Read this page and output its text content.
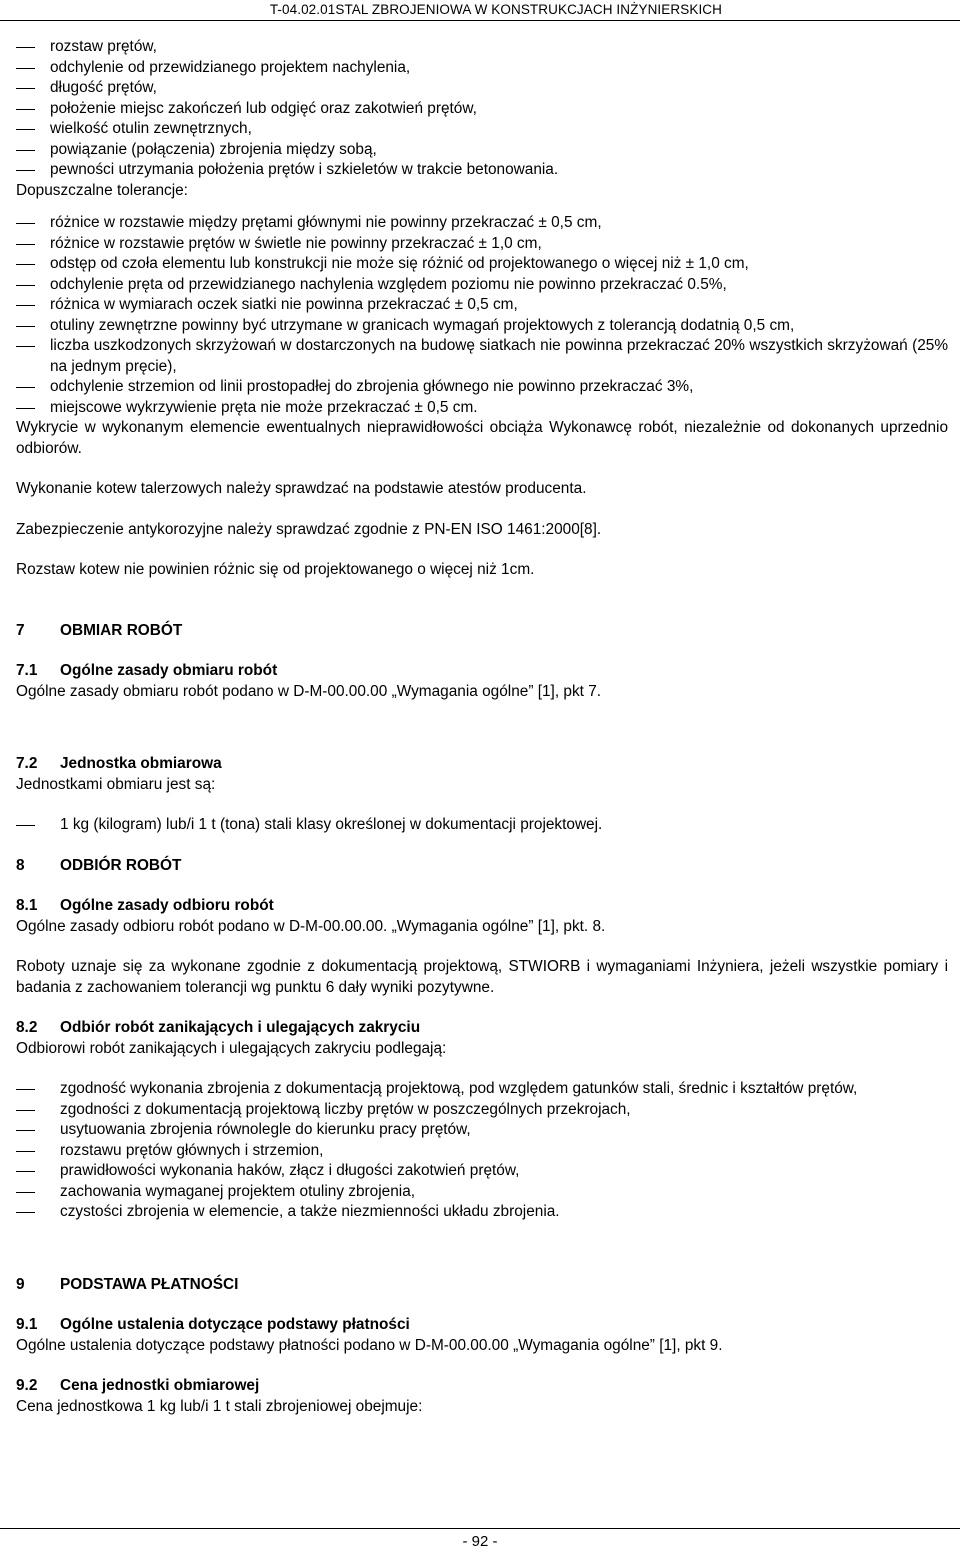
T-04.02.01STAL ZBROJENIOWA W KONSTRUKCJACH INŻYNIERSKICH
rozstaw prętów,
odchylenie od przewidzianego projektem nachylenia,
długość prętów,
położenie miejsc zakończeń lub odgięć oraz zakotwień prętów,
wielkość otulin zewnętrznych,
powiązanie (połączenia) zbrojenia między sobą,
pewności utrzymania położenia prętów i szkieletów w trakcie betonowania.

Dopuszczalne tolerancje:

różnice w rozstawie między prętami głównymi nie powinny przekraczać ± 0,5 cm,
różnice w rozstawie prętów w świetle nie powinny przekraczać ± 1,0 cm,
odstęp od czoła elementu lub konstrukcji nie może się różnić od projektowanego o więcej niż ± 1,0 cm,
odchylenie pręta od przewidzianego nachylenia względem poziomu nie powinno przekraczać 0.5%,
różnica w wymiarach oczek siatki nie powinna przekraczać ± 0,5 cm,
otuliny zewnętrzne powinny być utrzymane w granicach wymagań projektowych z tolerancją dodatnią 0,5 cm,
liczba uszkodzonych skrzyżowań w dostarczonych na budowę siatkach nie powinna przekraczać 20% wszystkich skrzyżowań (25% na jednym pręcie),
odchylenie strzemion od linii prostopadłej do zbrojenia głównego nie powinno przekraczać 3%,
miejscowe wykrzywienie pręta nie może przekraczać ± 0,5 cm.

Wykrycie w wykonanym elemencie ewentualnych nieprawidłowości obciąża Wykonawcę robót, niezależnie od dokonanych uprzednio odbiorów.

Wykonanie kotew talerzowych należy sprawdzać na podstawie atestów producenta.

Zabezpieczenie antykorozyjne należy sprawdzać zgodnie z PN-EN ISO 1461:2000[8].

Rozstaw kotew nie powinien różnic się od projektowanego o więcej niż 1cm.

7	OBMIAR ROBÓT
7.1	Ogólne zasady obmiaru robót

Ogólne zasady obmiaru robót podano w D-M-00.00.00 „Wymagania ogólne” [1], pkt 7.

7.2	Jednostka obmiarowa

Jednostkami obmiaru jest są:

1 kg (kilogram) lub/i 1 t (tona) stali klasy określonej w dokumentacji projektowej.
8	ODBIÓR ROBÓT
8.1	Ogólne zasady odbioru robót

Ogólne zasady odbioru robót podano w D-M-00.00.00. „Wymagania ogólne” [1], pkt. 8.

Roboty uznaje się za wykonane zgodnie z dokumentacją projektową, STWIORB i wymaganiami Inżyniera, jeżeli wszystkie pomiary i badania z zachowaniem tolerancji wg punktu 6 dały wyniki pozytywne.

8.2	Odbiór robót zanikających i ulegających zakryciu

Odbiorowi robót zanikających i ulegających zakryciu podlegają:

zgodność wykonania zbrojenia z dokumentacją projektową, pod względem gatunków stali, średnic i kształtów prętów,
zgodności z dokumentacją projektową liczby prętów w poszczególnych przekrojach,
usytuowania zbrojenia równolegle do kierunku pracy prętów,
rozstawu prętów głównych i strzemion,
prawidłowości wykonania haków, złącz i długości zakotwień prętów,
zachowania wymaganej projektem otuliny zbrojenia,
czystości zbrojenia w elemencie, a także niezmienności układu zbrojenia.
9	PODSTAWA PŁATNOŚCI
9.1	Ogólne ustalenia dotyczące podstawy płatności

Ogólne ustalenia dotyczące podstawy płatności podano w D-M-00.00.00 „Wymagania ogólne” [1], pkt 9.

9.2	Cena jednostki obmiarowej

Cena jednostkowa 1 kg lub/i 1 t stali zbrojeniowej obejmuje:

- 92 -
